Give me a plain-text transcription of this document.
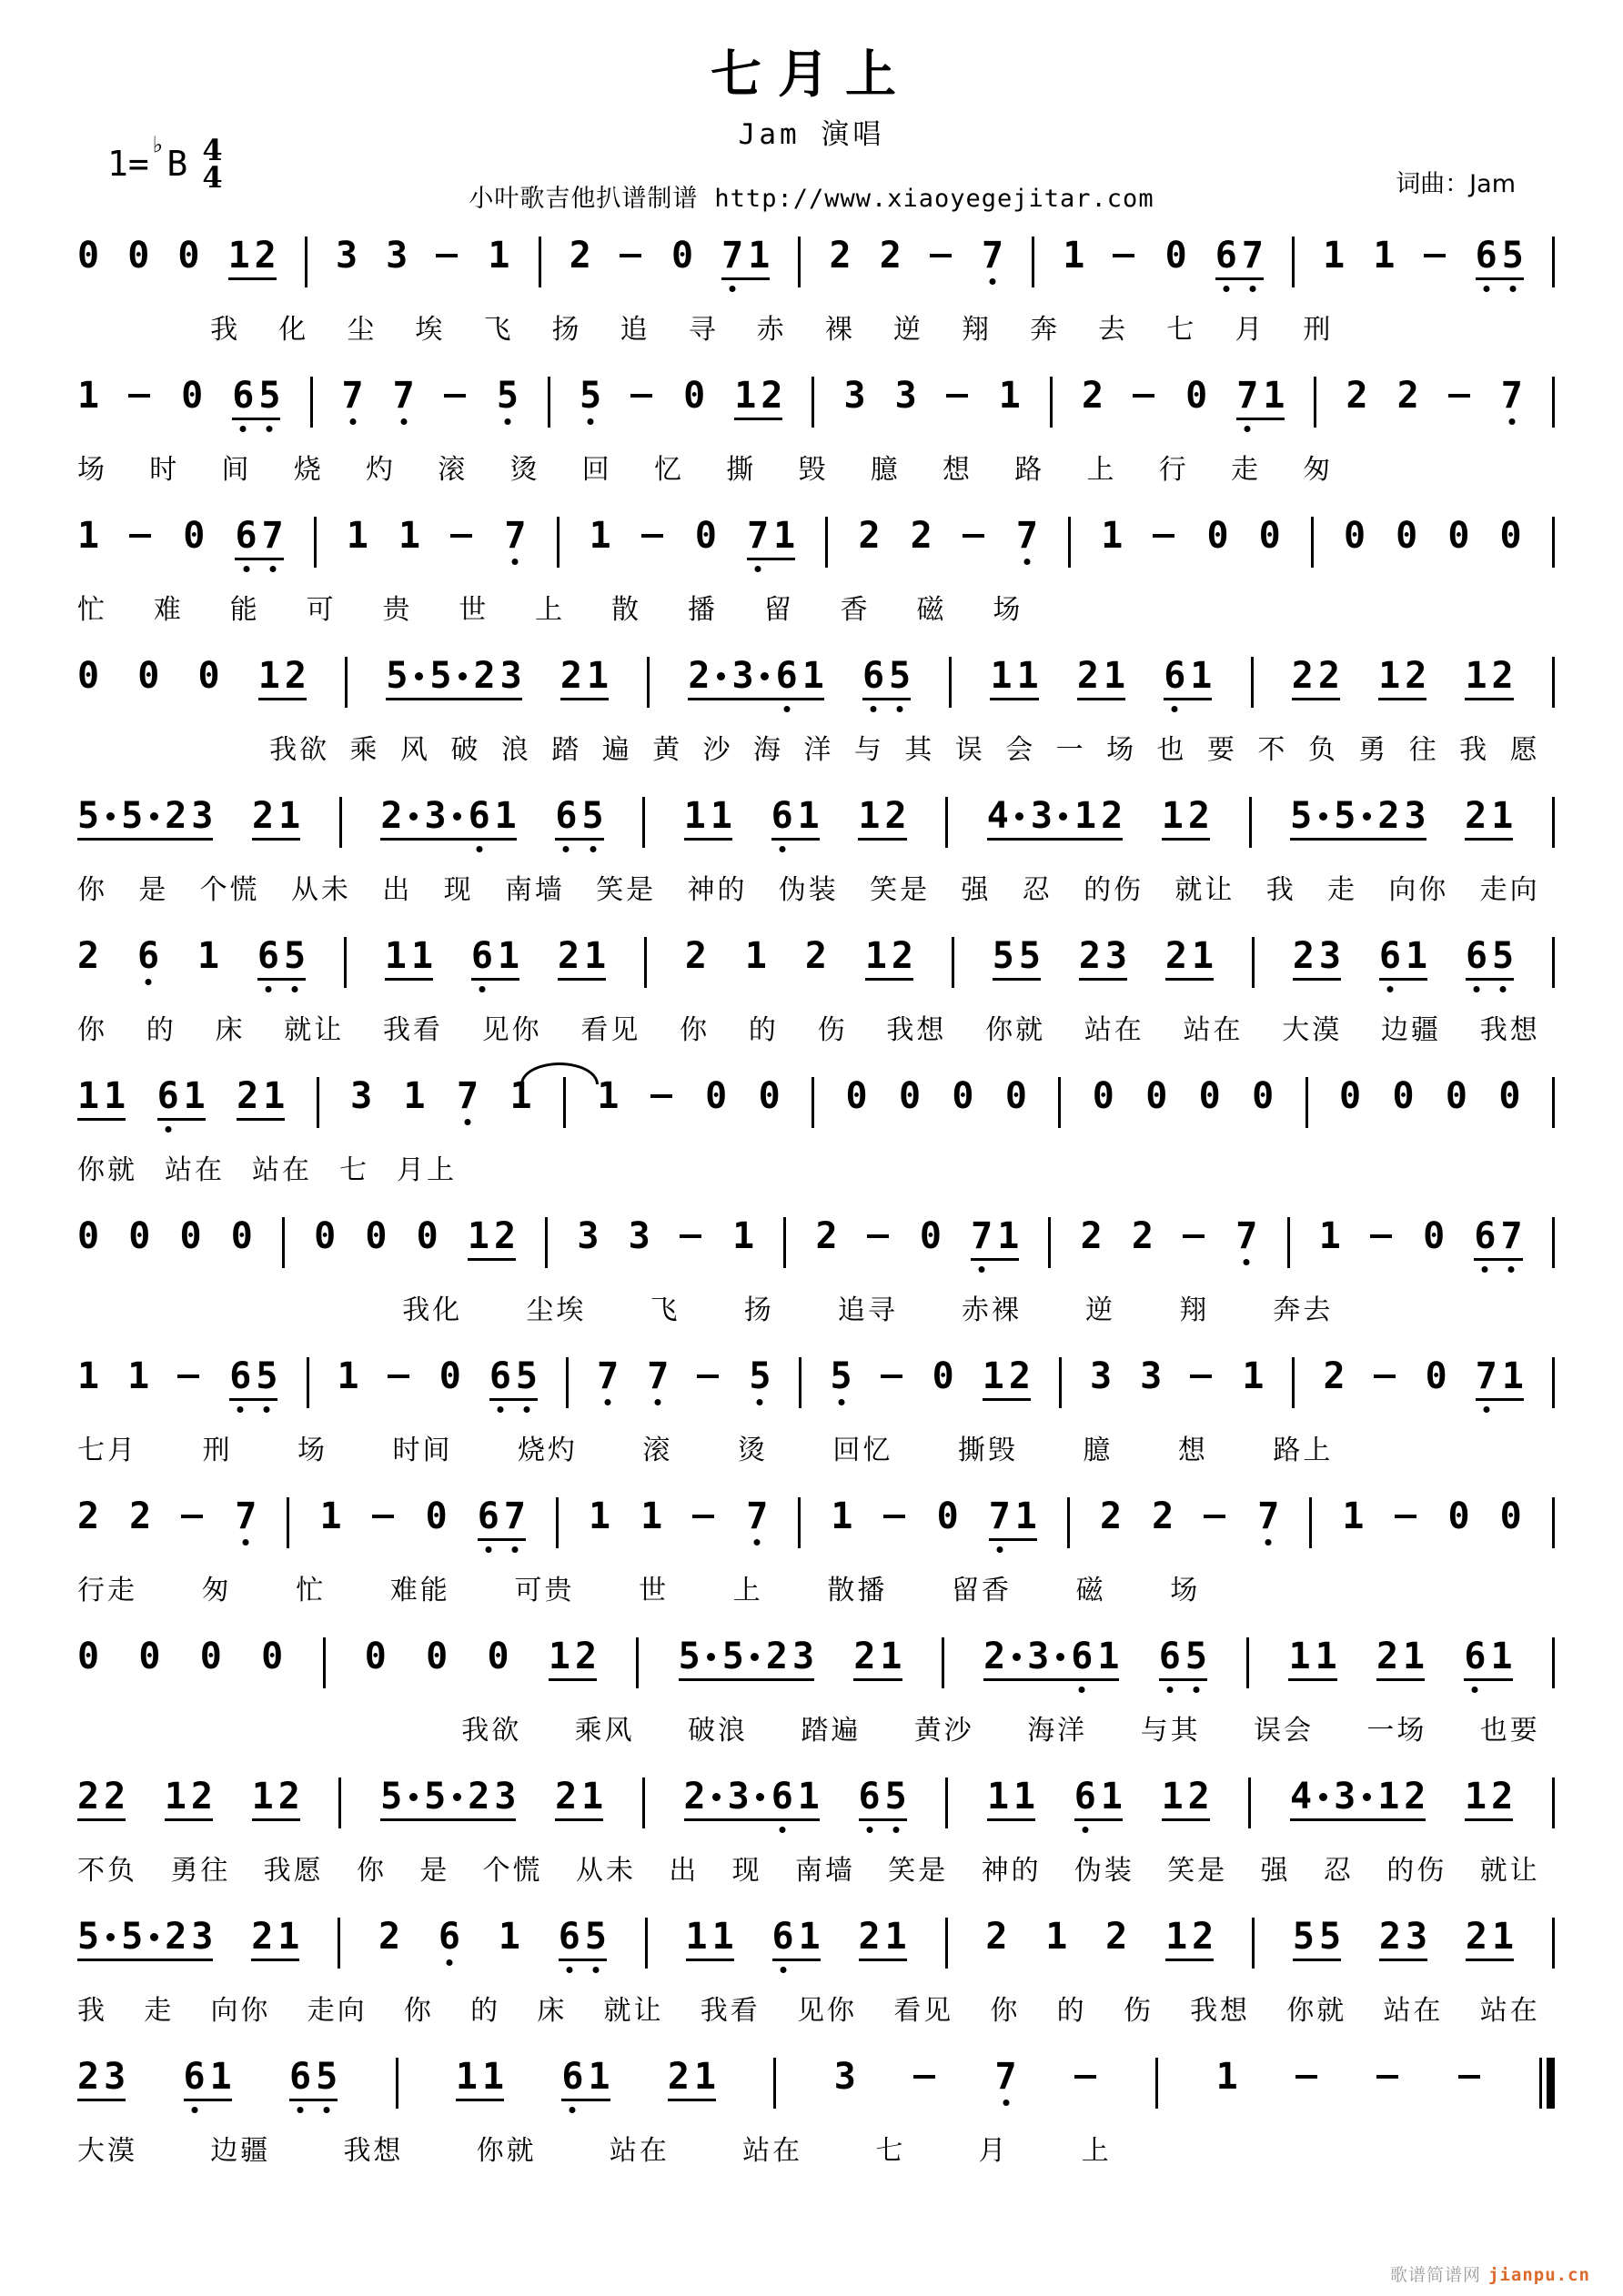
七月上
Jam 演唱
1= ♭ B 4
4
小叶歌吉他扒谱制谱 http://www.xiaoyegejitar.com
词曲：Jam
0 0 0 1 2 3 3 1 2 0 7 1 2 2 7 1 0 6 7 1 1 6 5
我 化 尘 埃 飞 扬 追 寻 赤 裸 逆 翔 奔 去 七 月 刑
1 0 6 5 7 7 5 5 0 1 2 3 3 1 2 0 7 1 2 2 7
场 时 间 烧 灼 滚 烫 回 忆 撕 毁 臆 想 路 上 行 走 匆
1 0 6 7 1 1 7 1 0 7 1 2 2 7 1 0 0 0 0 0 0
忙 难 能 可 贵 世 上 散 播 留 香 磁 场
0 0 0 1 2 5 5 2 3 2 1 2 3 6 1 6 5 1 1 2 1 6 1 2 2 1 2 1 2
我欲 乘 风 破 浪 踏 遍 黄 沙 海 洋 与 其 误 会 一 场 也 要 不 负 勇 往 我 愿
5 5 2 3 2 1 2 3 6 1 6 5 1 1 6 1 1 2 4 3 1 2 1 2 5 5 2 3 2 1
你 是 个慌 从未 出 现 南墙 笑是 神的 伪装 笑是 强 忍 的伤 就让 我 走 向你 走向
2 6 1 6 5 1 1 6 1 2 1 2 1 2 1 2 5 5 2 3 2 1 2 3 6 1 6 5
你 的 床 就让 我看 见你 看见 你 的 伤 我想 你就 站在 站在 大漠 边疆 我想
1 1 6 1 2 1 3 1 7 1 1 0 0 0 0 0 0 0 0 0 0 0 0 0 0
你就 站在 站在 七 月上
0 0 0 0 0 0 0 1 2 3 3 1 2 0 7 1 2 2 7 1 0 6 7
我化 尘埃 飞 扬 追寻 赤裸 逆 翔 奔去
1 1 6 5 1 0 6 5 7 7 5 5 0 1 2 3 3 1 2 0 7 1
七月 刑 场 时间 烧灼 滚 烫 回忆 撕毁 臆 想 路上
2 2 7 1 0 6 7 1 1 7 1 0 7 1 2 2 7 1 0 0
行走 匆 忙 难能 可贵 世 上 散播 留香 磁 场
0 0 0 0 0 0 0 1 2 5 5 2 3 2 1 2 3 6 1 6 5 1 1 2 1 6 1
我欲 乘风 破浪 踏遍 黄沙 海洋 与其 误会 一场 也要
2 2 1 2 1 2 5 5 2 3 2 1 2 3 6 1 6 5 1 1 6 1 1 2 4 3 1 2 1 2
不负 勇往 我愿 你 是 个慌 从未 出 现 南墙 笑是 神的 伪装 笑是 强 忍 的伤 就让
5 5 2 3 2 1 2 6 1 6 5 1 1 6 1 2 1 2 1 2 1 2 5 5 2 3 2 1
我 走 向你 走向 你 的 床 就让 我看 见你 看见 你 的 伤 我想 你就 站在 站在
2 3 6 1 6 5	1 1 6 1 2 1	3	7	1
大漠	边疆	我想	你就	站在	站在	七	月	上
歌谱简谱网 jianpu.cn
